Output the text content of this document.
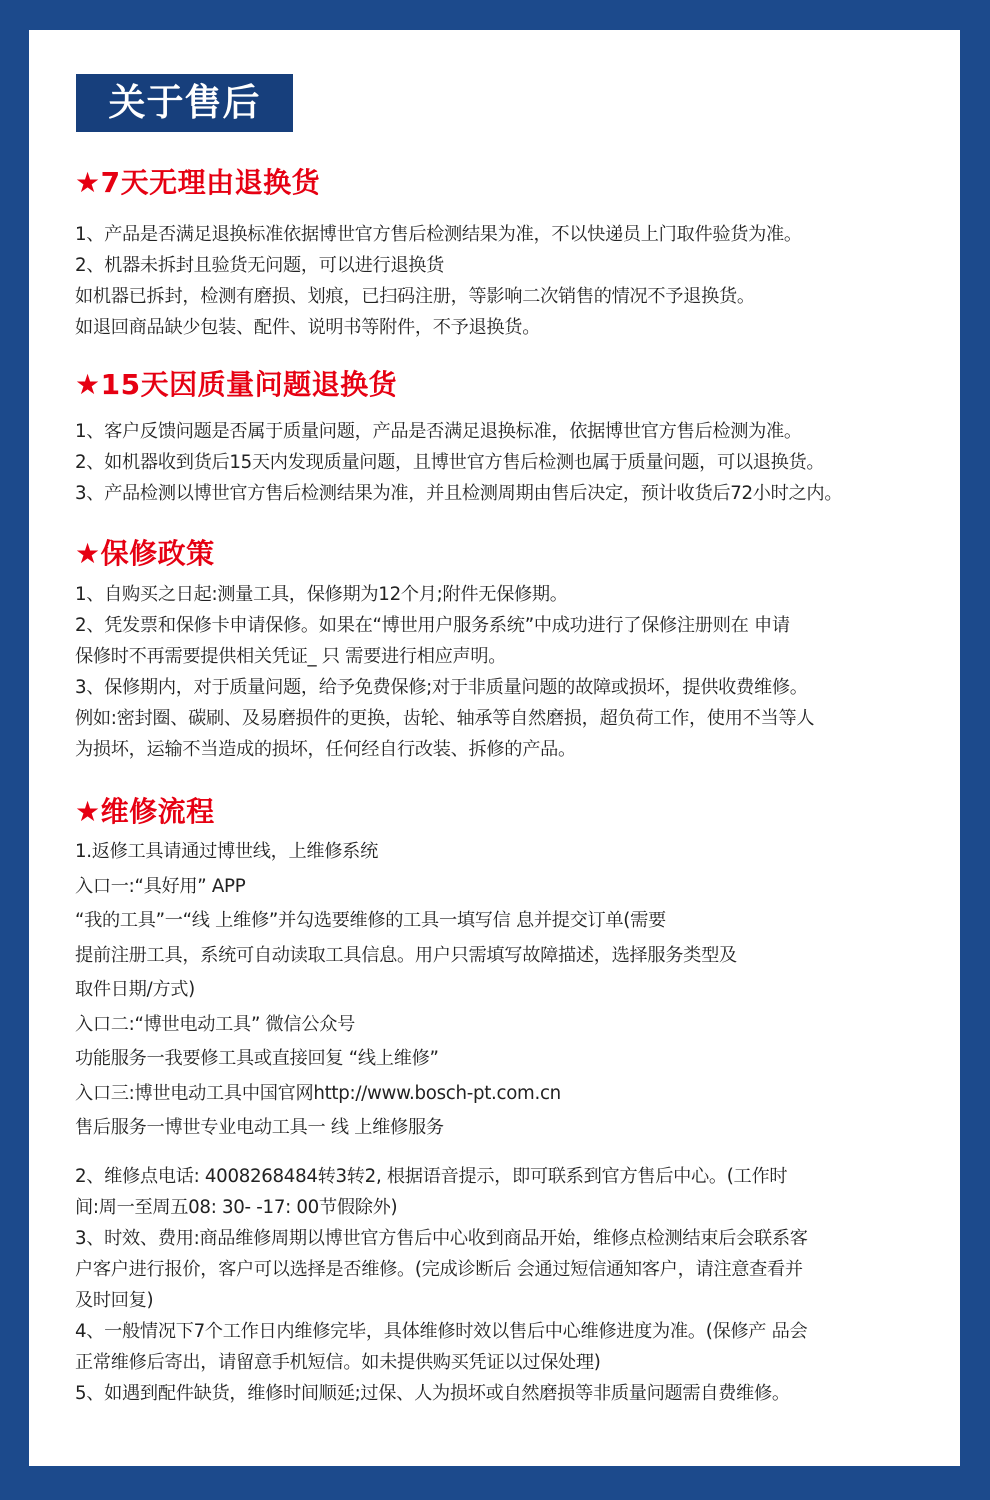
关于售后
★7天无理由退换货
1、产品是否满足退换标准依据博世官方售后检测结果为准，不以快递员上门取件验货为准。
2、机器未拆封且验货无问题，可以进行退换货
如机器已拆封，检测有磨损、划痕，已扫码注册，等影响二次销售的情况不予退换货。
如退回商品缺少包装、配件、说明书等附件，不予退换货。
★15天因质量问题退换货
1、客户反馈问题是否属于质量问题，产品是否满足退换标准，依据博世官方售后检测为准。
2、如机器收到货后15天内发现质量问题，且博世官方售后检测也属于质量问题，可以退换货。
3、产品检测以博世官方售后检测结果为准，并且检测周期由售后决定，预计收货后72小时之内。
★保修政策
1、自购买之日起:测量工具，保修期为12个月;附件无保修期。
2、凭发票和保修卡申请保修。如果在“博世用户服务系统”中成功进行了保修注册则在 申请
保修时不再需要提供相关凭证_ 只 需要进行相应声明。
3、保修期内，对于质量问题，给予免费保修;对于非质量问题的故障或损坏，提供收费维修。
例如:密封圈、碳刷、及易磨损件的更换，齿轮、轴承等自然磨损，超负荷工作，使用不当等人
为损坏，运输不当造成的损坏，任何经自行改装、拆修的产品。
★维修流程
1.返修工具请通过博世线，上维修系统
入口一:“具好用” APP
“我的工具”一“线 上维修”并勾选要维修的工具一填写信 息并提交订单(需要
提前注册工具，系统可自动读取工具信息。用户只需填写故障描述，选择服务类型及
取件日期/方式)
入口二:“博世电动工具” 微信公众号
功能服务一我要修工具或直接回复 “线上维修”
入口三:博世电动工具中国官网http://www.bosch-pt.com.cn
售后服务一博世专业电动工具一 线 上维修服务
2、维修点电话: 4008268484转3转2, 根据语音提示，即可联系到官方售后中心。(工作时
间:周一至周五08: 30- -17: 00节假除外)
3、时效、费用:商品维修周期以博世官方售后中心收到商品开始，维修点检测结束后会联系客
户客户进行报价，客户可以选择是否维修。(完成诊断后 会通过短信通知客户，请注意查看并
及时回复)
4、一般情况下7个工作日内维修完毕，具体维修时效以售后中心维修进度为准。(保修产 品会
正常维修后寄出，请留意手机短信。如未提供购买凭证以过保处理)
5、如遇到配件缺货，维修时间顺延;过保、人为损坏或自然磨损等非质量问题需自费维修。
